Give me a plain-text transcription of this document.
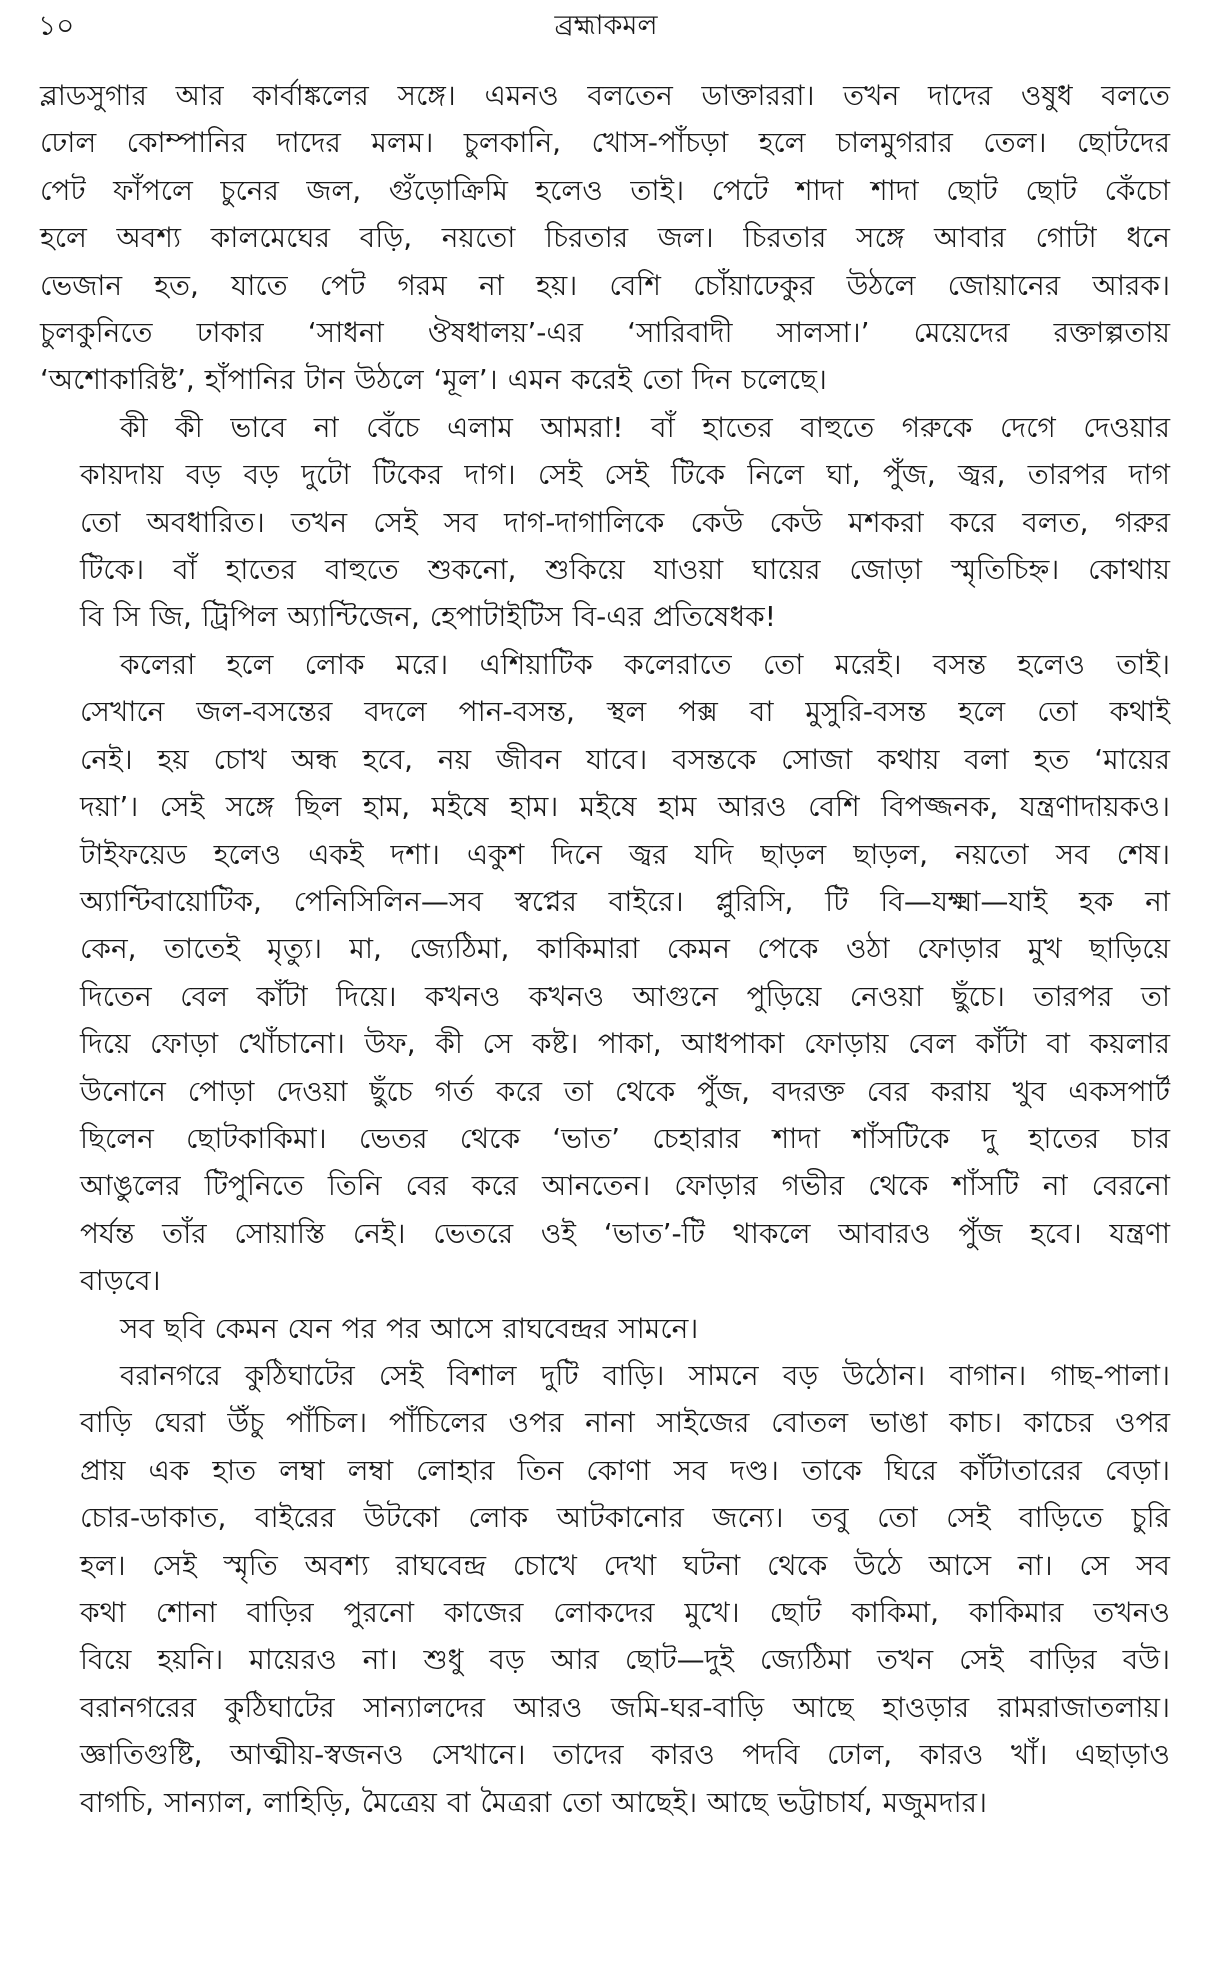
১০	ব্রহ্মাকমল

ব্লাডসুগার আর কার্বাঙ্কলের সঙ্গে। এমনও বলতেন ডাক্তাররা। তখন দাদের ওষুধ বলতে
ঢোল কোম্পানির দাদের মলম। চুলকানি, খোস-পাঁচড়া হলে চালমুগরার তেল। ছোটদের
পেট ফাঁপলে চুনের জল, গুঁড়োক্রিমি হলেও তাই। পেটে শাদা শাদা ছোট ছোট কেঁচো
হলে অবশ্য কালমেঘের বড়ি, নয়তো চিরতার জল। চিরতার সঙ্গে আবার গোটা ধনে
ভেজান হত, যাতে পেট গরম না হয়। বেশি চোঁয়াঢেকুর উঠলে জোয়ানের আরক।
চুলকুনিতে ঢাকার ‘সাধনা ঔষধালয়’-এর ‘সারিবাদী সালসা।’ মেয়েদের রক্তাল্পতায়
‘অশোকারিষ্ট’, হাঁপানির টান উঠলে ‘মূল’। এমন করেই তো দিন চলেছে।

কী কী ভাবে না বেঁচে এলাম আমরা! বাঁ হাতের বাহুতে গরুকে দেগে দেওয়ার
কায়দায় বড় বড় দুটো টিকের দাগ। সেই সেই টিকে নিলে ঘা, পুঁজ, জ্বর, তারপর দাগ
তো অবধারিত। তখন সেই সব দাগ-দাগালিকে কেউ কেউ মশকরা করে বলত, গরুর
টিকে। বাঁ হাতের বাহুতে শুকনো, শুকিয়ে যাওয়া ঘায়ের জোড়া স্মৃতিচিহ্ন। কোথায়
বি সি জি, ট্রিপিল অ্যান্টিজেন, হেপাটাইটিস বি-এর প্রতিষেধক!

কলেরা হলে লোক মরে। এশিয়াটিক কলেরাতে তো মরেই। বসন্ত হলেও তাই।
সেখানে জল-বসন্তের বদলে পান-বসন্ত, স্থল পক্স বা মুসুরি-বসন্ত হলে তো কথাই
নেই। হয় চোখ অন্ধ হবে, নয় জীবন যাবে। বসন্তকে সোজা কথায় বলা হত ‘মায়ের
দয়া’। সেই সঙ্গে ছিল হাম, মইষে হাম। মইষে হাম আরও বেশি বিপজ্জনক, যন্ত্রণাদায়কও।
টাইফয়েড হলেও একই দশা। একুশ দিনে জ্বর যদি ছাড়ল ছাড়ল, নয়তো সব শেষ।
অ্যান্টিবায়োটিক, পেনিসিলিন—সব স্বপ্নের বাইরে। প্লুরিসি, টি বি—যক্ষ্মা—যাই হক না
কেন, তাতেই মৃত্যু। মা, জ্যেঠিমা, কাকিমারা কেমন পেকে ওঠা ফোড়ার মুখ ছাড়িয়ে
দিতেন বেল কাঁটা দিয়ে। কখনও কখনও আগুনে পুড়িয়ে নেওয়া ছুঁচে। তারপর তা
দিয়ে ফোড়া খোঁচানো। উফ, কী সে কষ্ট। পাকা, আধপাকা ফোড়ায় বেল কাঁটা বা কয়লার
উনোনে পোড়া দেওয়া ছুঁচে গর্ত করে তা থেকে পুঁজ, বদরক্ত বের করায় খুব একসপার্ট
ছিলেন ছোটকাকিমা। ভেতর থেকে ‘ভাত’ চেহারার শাদা শাঁসটিকে দু হাতের চার
আঙুলের টিপুনিতে তিনি বের করে আনতেন। ফোড়ার গভীর থেকে শাঁসটি না বেরনো
পর্যন্ত তাঁর সোয়াস্তি নেই। ভেতরে ওই ‘ভাত’-টি থাকলে আবারও পুঁজ হবে। যন্ত্রণা
বাড়বে।

সব ছবি কেমন যেন পর পর আসে রাঘবেন্দ্রর সামনে।

বরানগরে কুঠিঘাটের সেই বিশাল দুটি বাড়ি। সামনে বড় উঠোন। বাগান। গাছ-পালা।
বাড়ি ঘেরা উঁচু পাঁচিল। পাঁচিলের ওপর নানা সাইজের বোতল ভাঙা কাচ। কাচের ওপর
প্রায় এক হাত লম্বা লম্বা লোহার তিন কোণা সব দণ্ড। তাকে ঘিরে কাঁটাতারের বেড়া।
চোর-ডাকাত, বাইরের উটকো লোক আটকানোর জন্যে। তবু তো সেই বাড়িতে চুরি
হল। সেই স্মৃতি অবশ্য রাঘবেন্দ্র চোখে দেখা ঘটনা থেকে উঠে আসে না। সে সব
কথা শোনা বাড়ির পুরনো কাজের লোকদের মুখে। ছোট কাকিমা, কাকিমার তখনও
বিয়ে হয়নি। মায়েরও না। শুধু বড় আর ছোট—দুই জ্যেঠিমা তখন সেই বাড়ির বউ।
বরানগরের কুঠিঘাটের সান্যালদের আরও জমি-ঘর-বাড়ি আছে হাওড়ার রামরাজাতলায়।
জ্ঞাতিগুষ্টি, আত্মীয়-স্বজনও সেখানে। তাদের কারও পদবি ঢোল, কারও খাঁ। এছাড়াও
বাগচি, সান্যাল, লাহিড়ি, মৈত্রেয় বা মৈত্ররা তো আছেই। আছে ভট্টাচার্য, মজুমদার।
